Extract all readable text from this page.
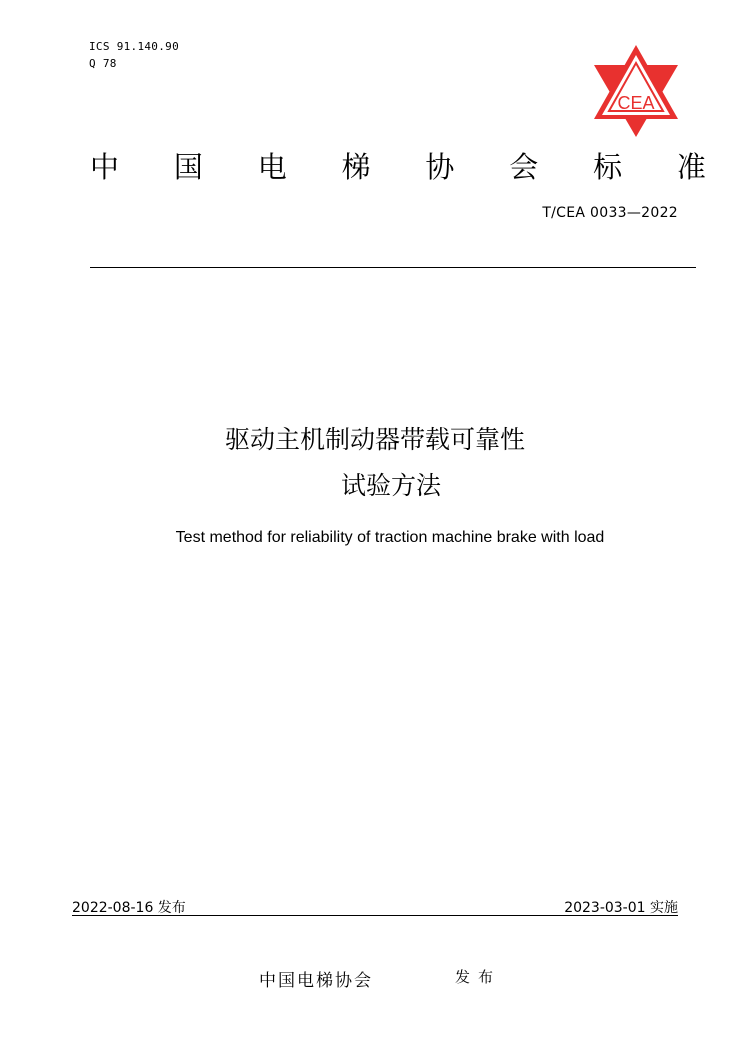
ICS 91.140.90
Q 78
CEA
中 国 电 梯 协 会 标 准
T/CEA 0033—2022
驱动主机制动器带载可靠性
试验方法
Test method for reliability of traction machine brake with load
2022-08-16 发布	2023-03-01 实施
中国电梯协会	发布
